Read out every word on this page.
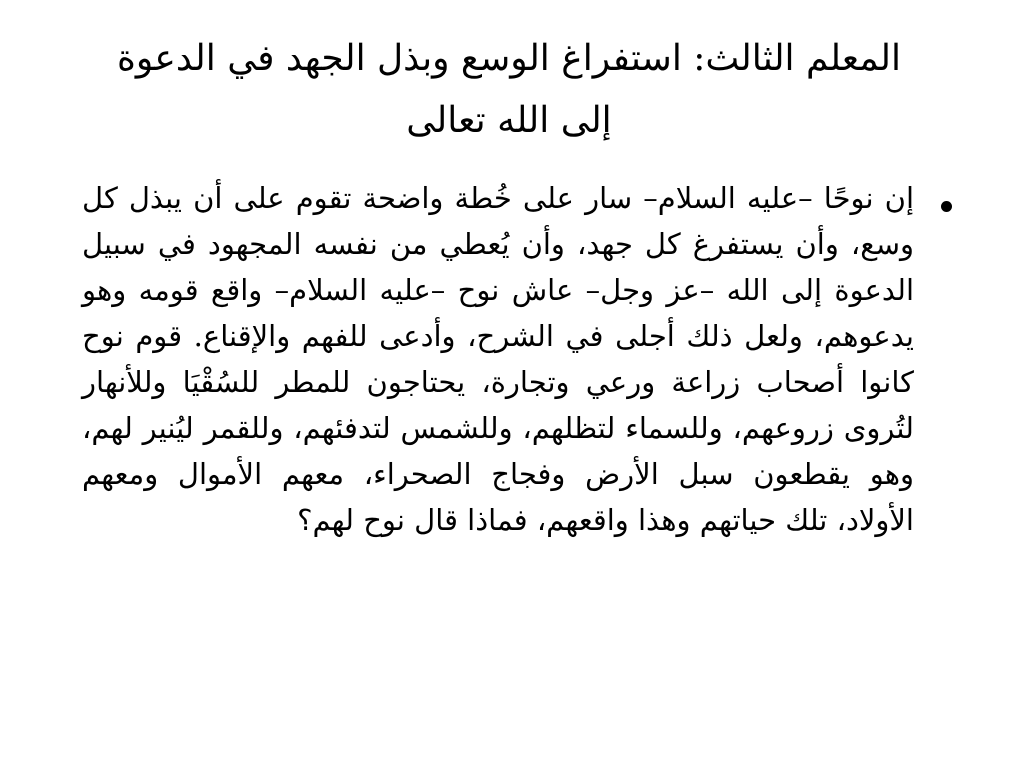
المعلم الثالث: استفراغ الوسع وبذل الجهد في الدعوة إلى الله تعالى
إن نوحًا –عليه السلام– سار على خُطة واضحة تقوم على أن يبذل كل وسع، وأن يستفرغ كل جهد، وأن يُعطي من نفسه المجهود في سبيل الدعوة إلى الله –عز وجل– عاش نوح –عليه السلام– واقع قومه وهو يدعوهم، ولعل ذلك أجلى في الشرح، وأدعى للفهم والإقناع. قوم نوح كانوا أصحاب زراعة ورعي وتجارة، يحتاجون للمطر للسُقْيَا وللأنهار لتُروى زروعهم، وللسماء لتظلهم، وللشمس لتدفئهم، وللقمر ليُنير لهم، وهو يقطعون سبل الأرض وفجاج الصحراء، معهم الأموال ومعهم الأولاد، تلك حياتهم وهذا واقعهم، فماذا قال نوح لهم؟
